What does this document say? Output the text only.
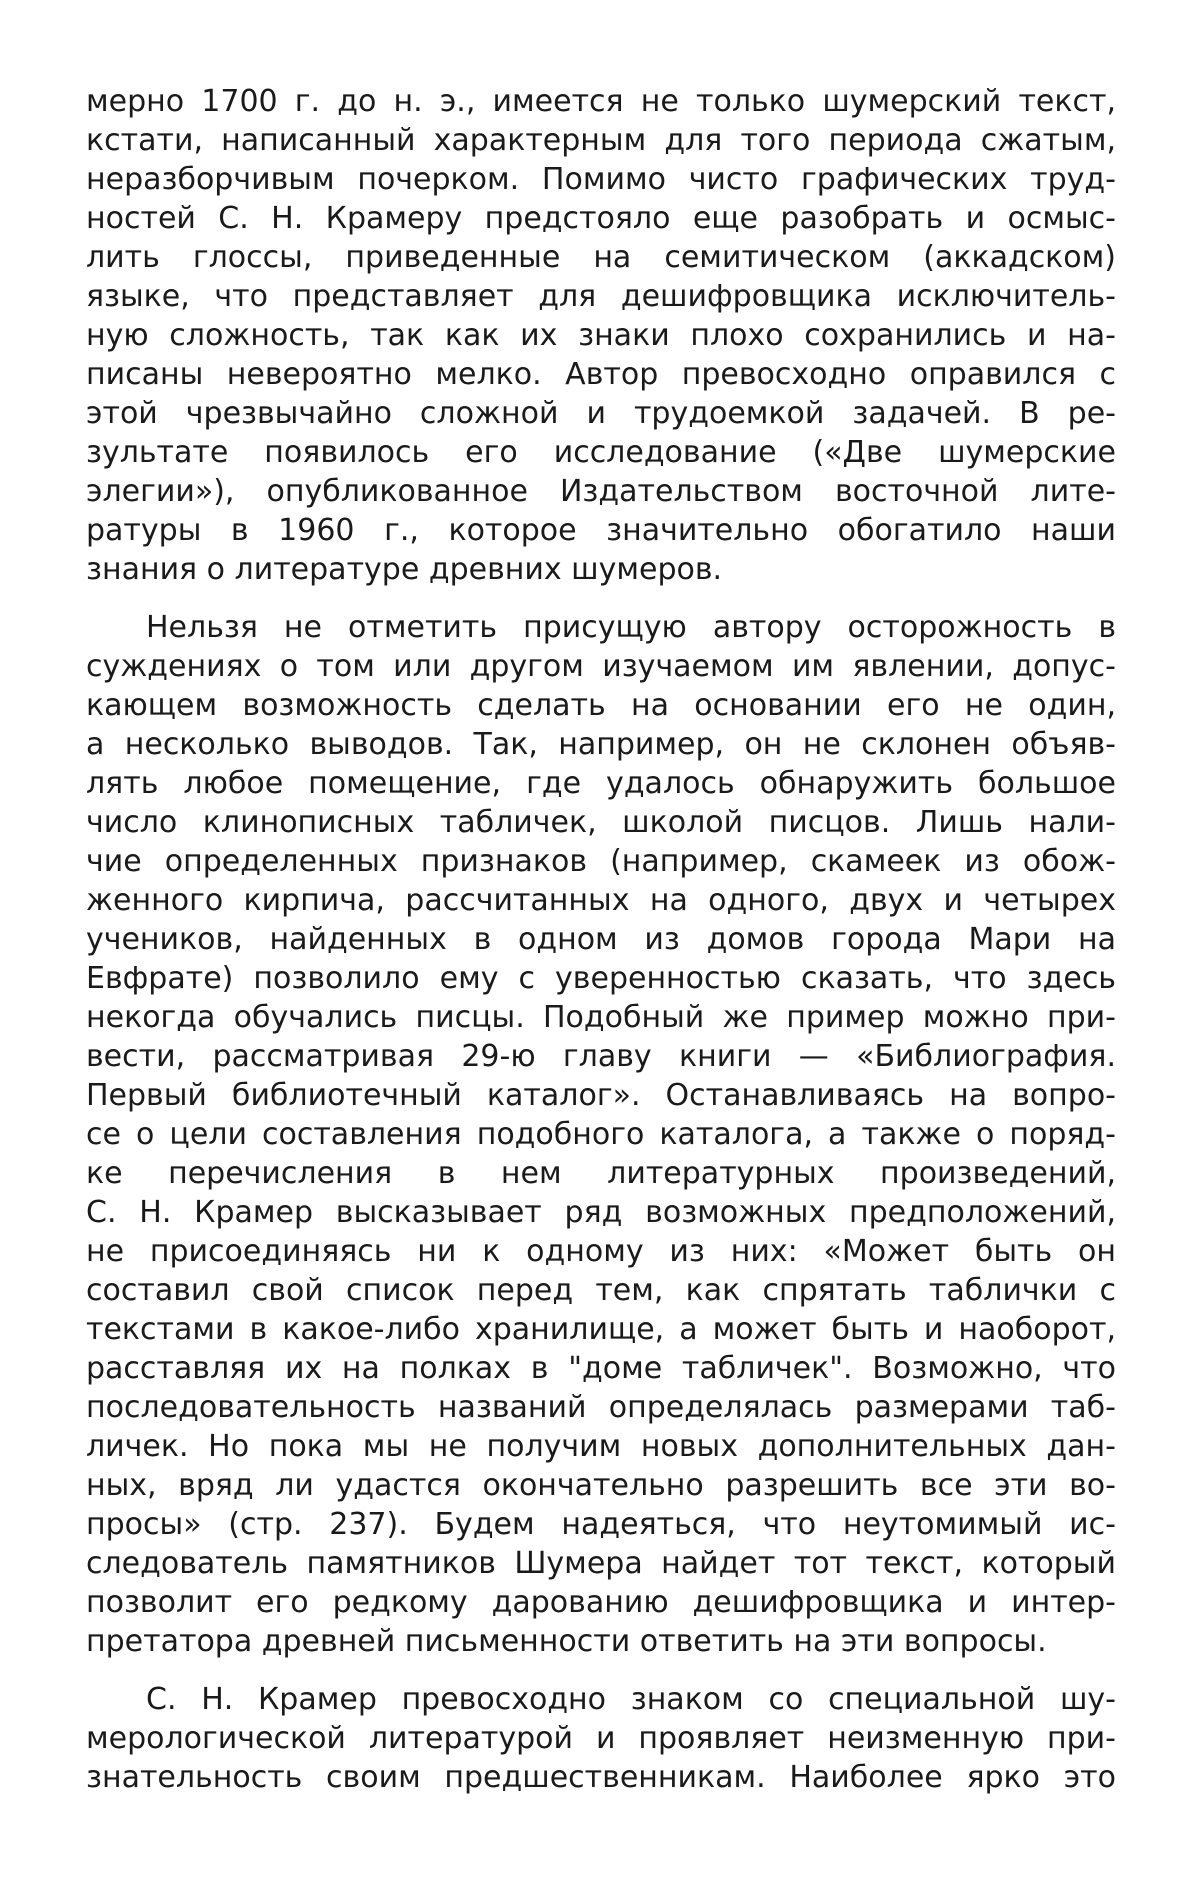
мерно 1700 г. до н. э., имеется не только шумерский текст,
кстати, написанный характерным для того периода сжатым,
неразборчивым почерком. Помимо чисто графических труд-
ностей С. Н. Крамеру предстояло еще разобрать и осмыс-
лить глоссы, приведенные на семитическом (аккадском)
языке, что представляет для дешифровщика исключитель-
ную сложность, так как их знаки плохо сохранились и на-
писаны невероятно мелко. Автор превосходно оправился с
этой чрезвычайно сложной и трудоемкой задачей. В ре-
зультате появилось его исследование («Две шумерские
элегии»), опубликованное Издательством восточной лите-
ратуры в 1960 г., которое значительно обогатило наши
знания о литературе древних шумеров.
Нельзя не отметить присущую автору осторожность в
суждениях о том или другом изучаемом им явлении, допус-
кающем возможность сделать на основании его не один,
а несколько выводов. Так, например, он не склонен объяв-
лять любое помещение, где удалось обнаружить большое
число клинописных табличек, школой писцов. Лишь нали-
чие определенных признаков (например, скамеек из обож-
женного кирпича, рассчитанных на одного, двух и четырех
учеников, найденных в одном из домов города Мари на
Евфрате) позволило ему с уверенностью сказать, что здесь
некогда обучались писцы. Подобный же пример можно при-
вести, рассматривая 29-ю главу книги — «Библиография.
Первый библиотечный каталог». Останавливаясь на вопро-
се о цели составления подобного каталога, а также о поряд-
ке перечисления в нем литературных произведений,
С. Н. Крамер высказывает ряд возможных предположений,
не присоединяясь ни к одному из них: «Может быть он
составил свой список перед тем, как спрятать таблички с
текстами в какое-либо хранилище, а может быть и наоборот,
расставляя их на полках в "доме табличек". Возможно, что
последовательность названий определялась размерами таб-
личек. Но пока мы не получим новых дополнительных дан-
ных, вряд ли удастся окончательно разрешить все эти во-
просы» (стр. 237). Будем надеяться, что неутомимый ис-
следователь памятников Шумера найдет тот текст, который
позволит его редкому дарованию дешифровщика и интер-
претатора древней письменности ответить на эти вопросы.
С. Н. Крамер превосходно знаком со специальной шу-
мерологической литературой и проявляет неизменную при-
знательность своим предшественникам. Наиболее ярко это
